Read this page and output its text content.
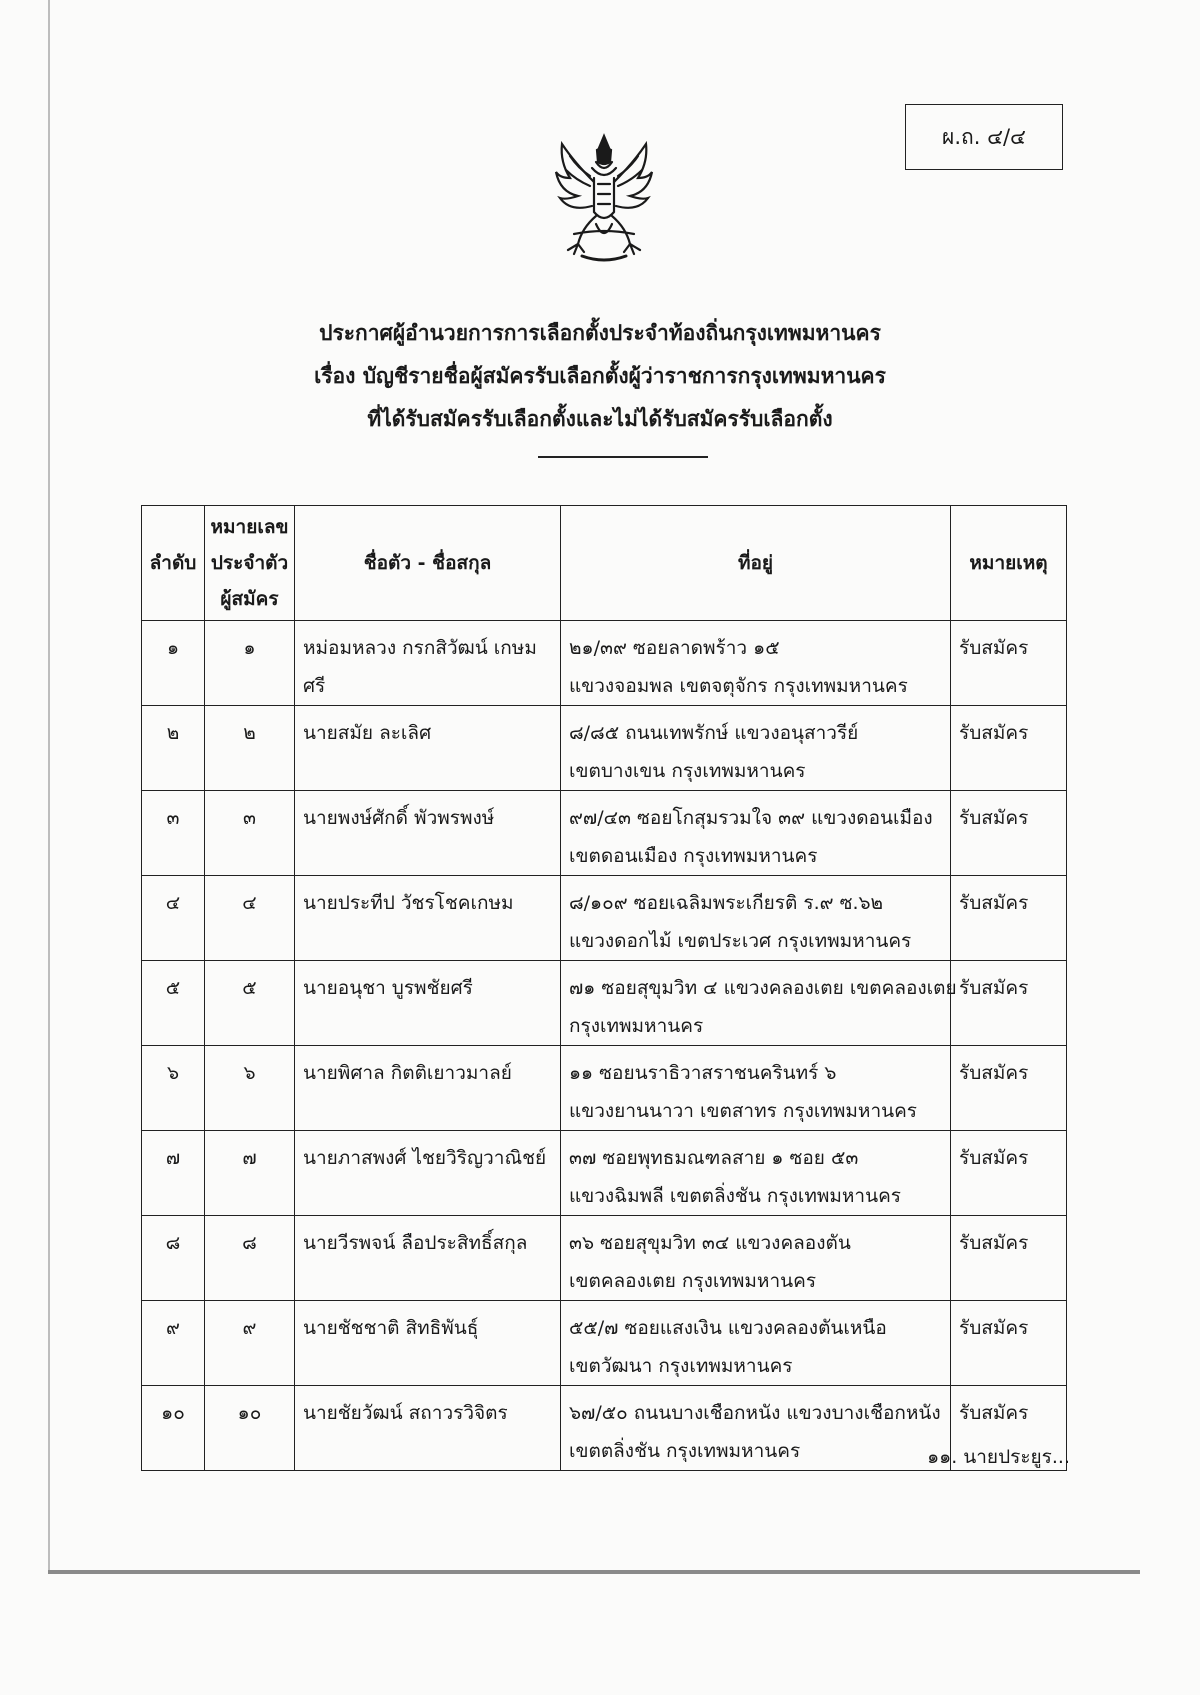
ผ.ถ. ๔/๔
ประกาศผู้อำนวยการการเลือกตั้งประจำท้องถิ่นกรุงเทพมหานคร
เรื่อง บัญชีรายชื่อผู้สมัครรับเลือกตั้งผู้ว่าราชการกรุงเทพมหานคร
ที่ได้รับสมัครรับเลือกตั้งและไม่ได้รับสมัครรับเลือกตั้ง
ลำดับ	หมายเลข
ประจำตัว
ผู้สมัคร	ชื่อตัว - ชื่อสกุล	ที่อยู่	หมายเหตุ
๑	๑	หม่อมหลวง กรกสิวัฒน์ เกษมศรี	๒๑/๓๙ ซอยลาดพร้าว ๑๕
แขวงจอมพล เขตจตุจักร กรุงเทพมหานคร	รับสมัคร
๒	๒	นายสมัย ละเลิศ	๘/๘๕ ถนนเทพรักษ์ แขวงอนุสาวรีย์
เขตบางเขน กรุงเทพมหานคร	รับสมัคร
๓	๓	นายพงษ์ศักดิ์ พัวพรพงษ์	๙๗/๔๓ ซอยโกสุมรวมใจ ๓๙ แขวงดอนเมือง
เขตดอนเมือง กรุงเทพมหานคร	รับสมัคร
๔	๔	นายประทีป วัชรโชคเกษม	๘/๑๐๙ ซอยเฉลิมพระเกียรติ ร.๙ ซ.๖๒
แขวงดอกไม้ เขตประเวศ กรุงเทพมหานคร	รับสมัคร
๕	๕	นายอนุชา บูรพชัยศรี	๗๑ ซอยสุขุมวิท ๔ แขวงคลองเตย เขตคลองเตย
กรุงเทพมหานคร	รับสมัคร
๖	๖	นายพิศาล กิตติเยาวมาลย์	๑๑ ซอยนราธิวาสราชนครินทร์ ๖
แขวงยานนาวา เขตสาทร กรุงเทพมหานคร	รับสมัคร
๗	๗	นายภาสพงศ์ ไชยวิริญวาณิชย์	๓๗ ซอยพุทธมณฑลสาย ๑ ซอย ๕๓
แขวงฉิมพลี เขตตลิ่งชัน กรุงเทพมหานคร	รับสมัคร
๘	๘	นายวีรพจน์ ลือประสิทธิ์สกุล	๓๖ ซอยสุขุมวิท ๓๔ แขวงคลองตัน
เขตคลองเตย กรุงเทพมหานคร	รับสมัคร
๙	๙	นายชัชชาติ สิทธิพันธุ์	๕๕/๗ ซอยแสงเงิน แขวงคลองตันเหนือ
เขตวัฒนา กรุงเทพมหานคร	รับสมัคร
๑๐	๑๐	นายชัยวัฒน์ สถาวรวิจิตร	๖๗/๕๐ ถนนบางเชือกหนัง แขวงบางเชือกหนัง
เขตตลิ่งชัน กรุงเทพมหานคร	รับสมัคร
๑๑. นายประยูร...
